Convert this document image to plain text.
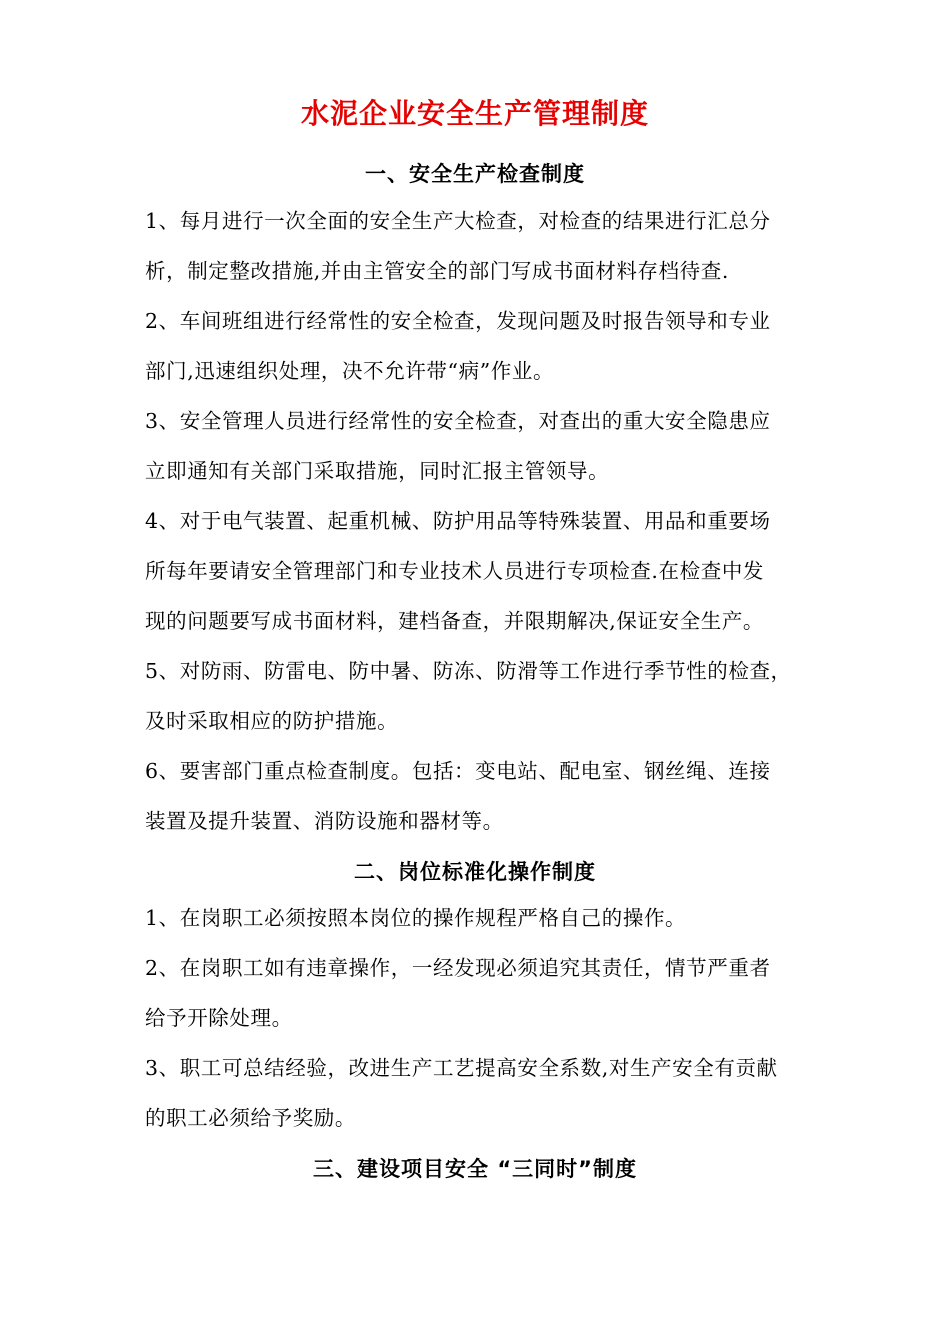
水泥企业安全生产管理制度
一、安全生产检查制度
1、每月进行一次全面的安全生产大检查，对检查的结果进行汇总分
析，制定整改措施,并由主管安全的部门写成书面材料存档待查.
2、车间班组进行经常性的安全检查，发现问题及时报告领导和专业
部门,迅速组织处理，决不允许带“病”作业。
3、安全管理人员进行经常性的安全检查，对查出的重大安全隐患应
立即通知有关部门采取措施，同时汇报主管领导。
4、对于电气装置、起重机械、防护用品等特殊装置、用品和重要场
所每年要请安全管理部门和专业技术人员进行专项检查.在检查中发
现的问题要写成书面材料，建档备查，并限期解决,保证安全生产。
5、对防雨、防雷电、防中暑、防冻、防滑等工作进行季节性的检查，
及时采取相应的防护措施。
6、要害部门重点检查制度。包括：变电站、配电室、钢丝绳、连接
装置及提升装置、消防设施和器材等。
二、岗位标准化操作制度
1、在岗职工必须按照本岗位的操作规程严格自己的操作。
2、在岗职工如有违章操作，一经发现必须追究其责任，情节严重者
给予开除处理。
3、职工可总结经验，改进生产工艺提高安全系数,对生产安全有贡献
的职工必须给予奖励。
三、建设项目安全 “三同时”制度
